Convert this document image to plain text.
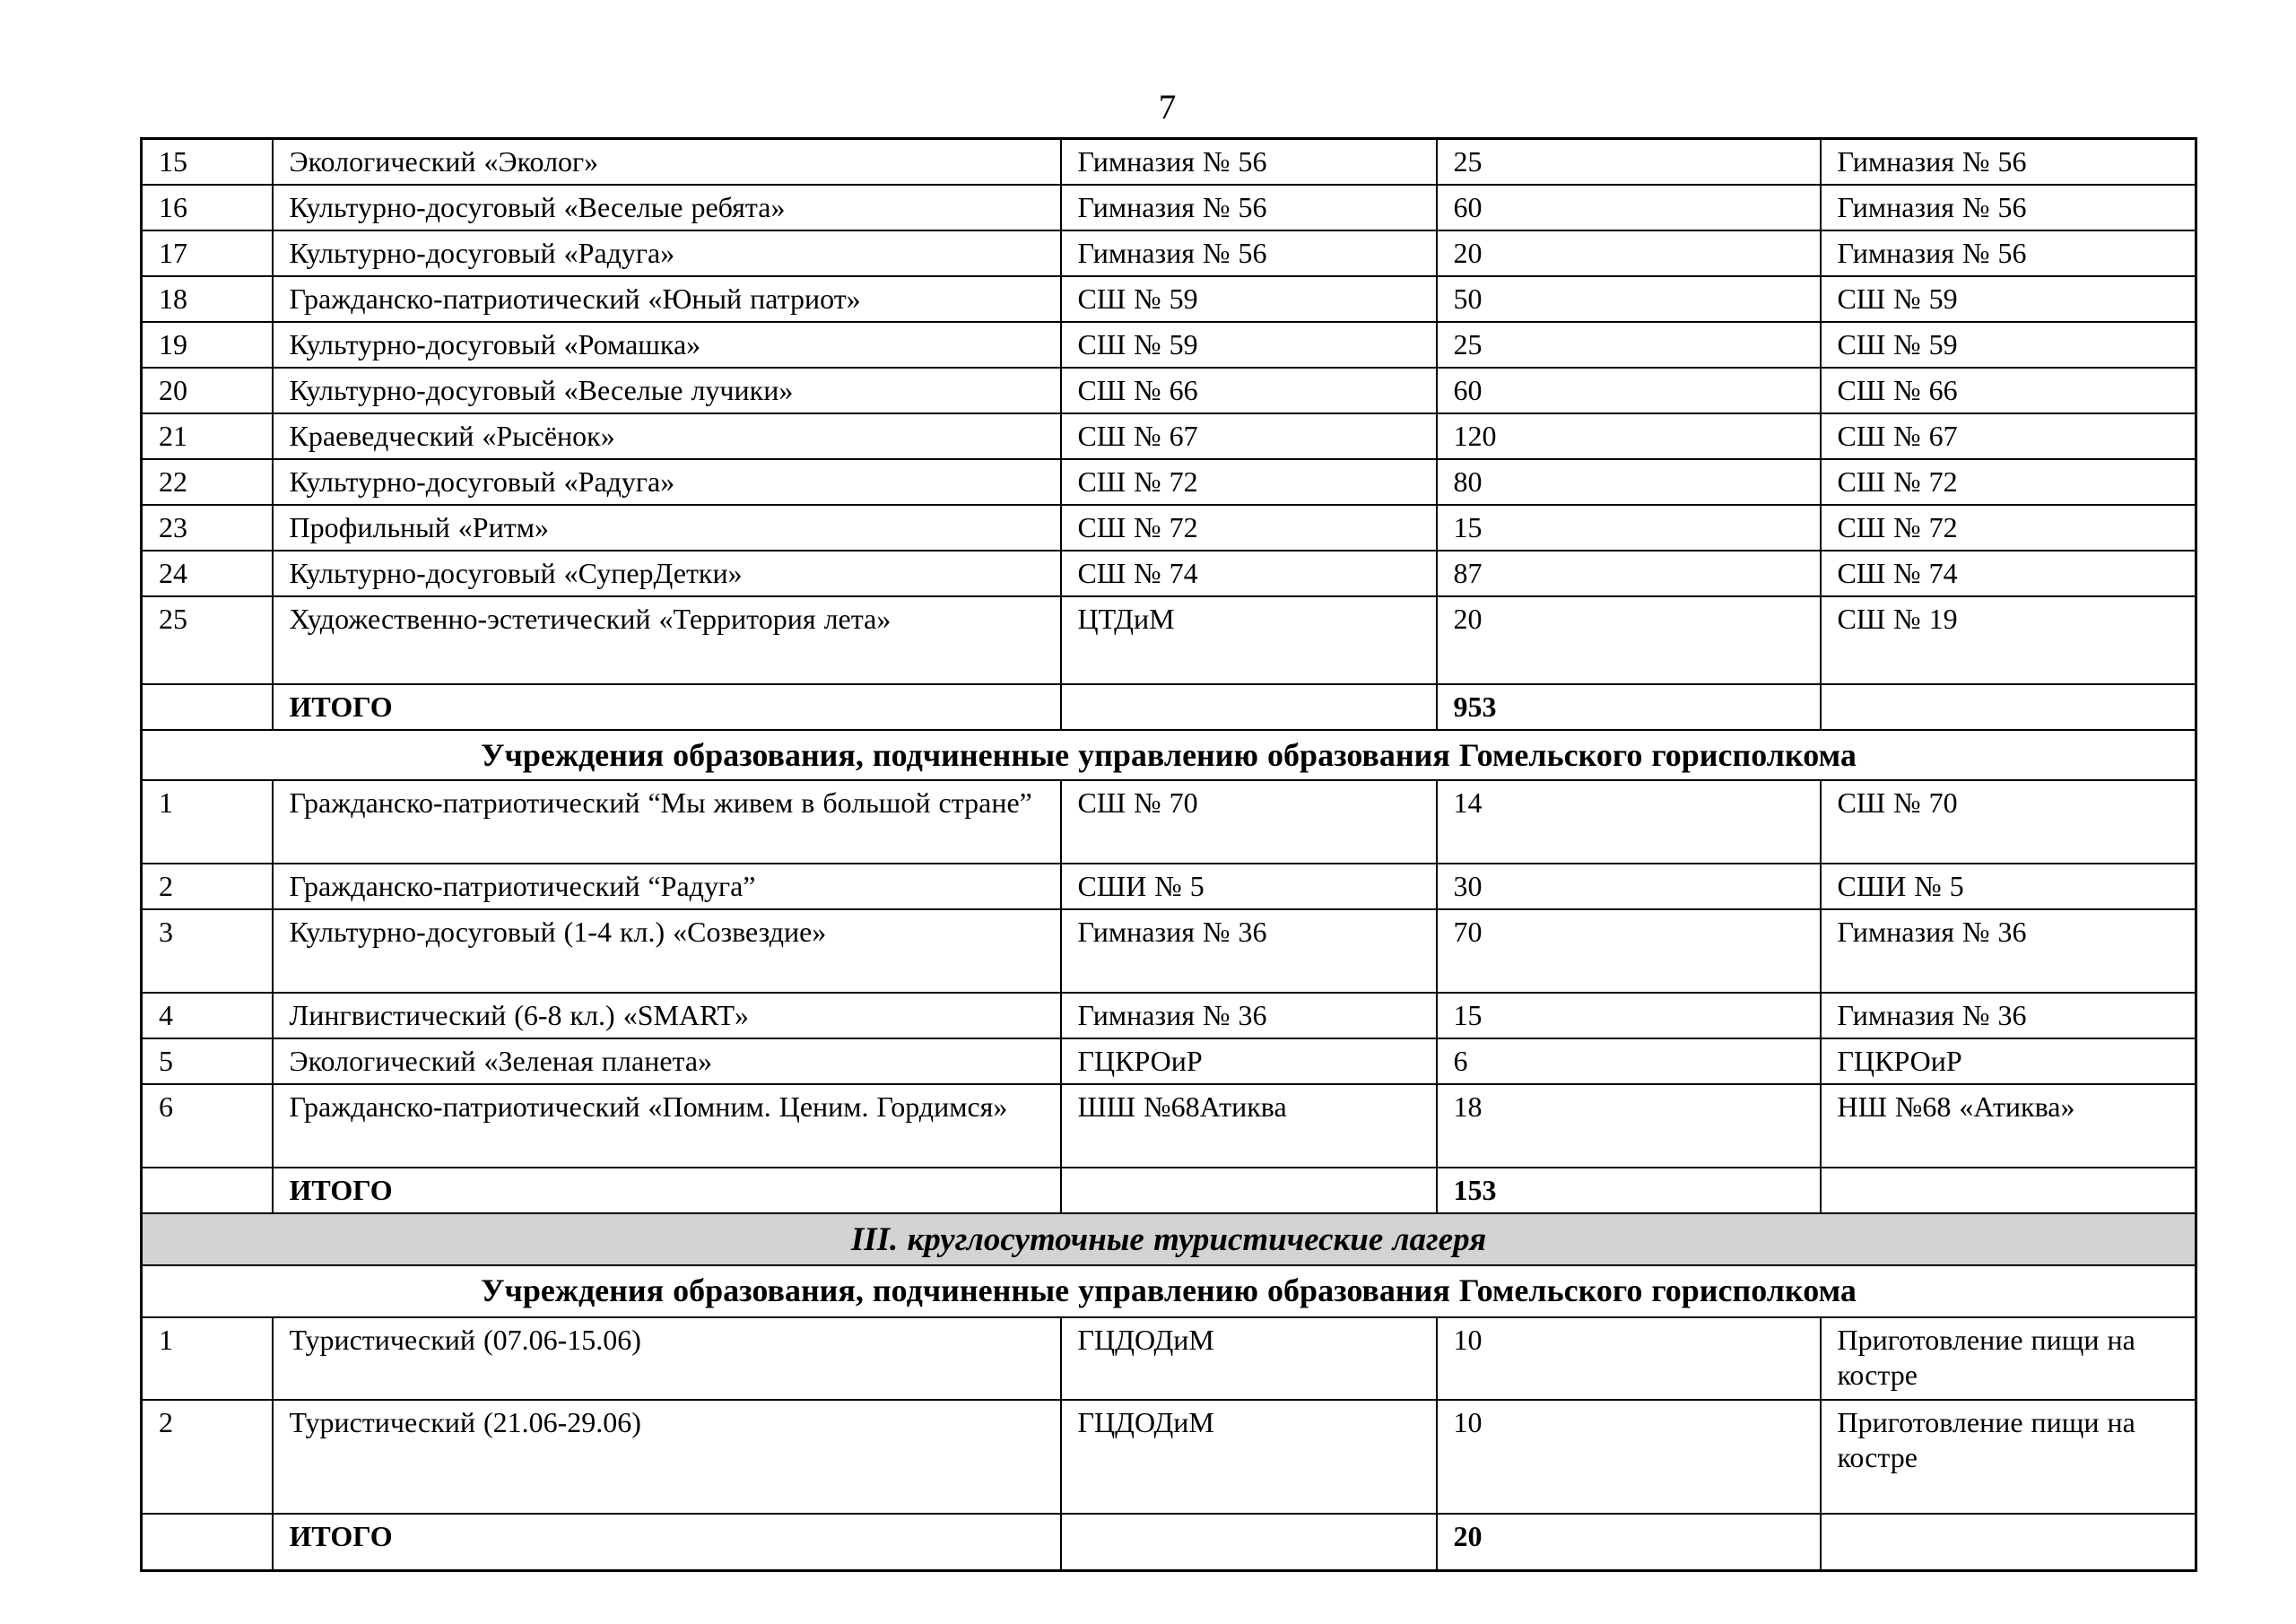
7
15	Экологический «Эколог»	Гимназия № 56	25	Гимназия № 56
16	Культурно-досуговый «Веселые ребята»	Гимназия № 56	60	Гимназия № 56
17	Культурно-досуговый «Радуга»	Гимназия № 56	20	Гимназия № 56
18	Гражданско-патриотический «Юный патриот»	СШ № 59	50	СШ № 59
19	Культурно-досуговый «Ромашка»	СШ № 59	25	СШ № 59
20	Культурно-досуговый «Веселые лучики»	СШ № 66	60	СШ № 66
21	Краеведческий «Рысёнок»	СШ № 67	120	СШ № 67
22	Культурно-досуговый «Радуга»	СШ № 72	80	СШ № 72
23	Профильный «Ритм»	СШ № 72	15	СШ № 72
24	Культурно-досуговый «СуперДетки»	СШ № 74	87	СШ № 74
25	Художественно-эстетический «Территория лета»	ЦТДиМ	20	СШ № 19
	ИТОГО		953	
Учреждения образования, подчиненные управлению образования Гомельского горисполкома				
1	Гражданско-патриотический “Мы живем в большой стране”	СШ № 70	14	СШ № 70
2	Гражданско-патриотический “Радуга”	СШИ № 5	30	СШИ № 5
3	Культурно-досуговый (1-4 кл.) «Созвездие»	Гимназия № 36	70	Гимназия № 36
4	Лингвистический (6-8 кл.) «SMART»	Гимназия № 36	15	Гимназия № 36
5	Экологический «Зеленая планета»	ГЦКРОиР	6	ГЦКРОиР
6	Гражданско-патриотический «Помним. Ценим. Гордимся»	ШШ №68Атиква	18	НШ №68 «Атиква»
	ИТОГО		153	
III. круглосуточные туристические лагеря				
Учреждения образования, подчиненные управлению образования Гомельского горисполкома				
1	Туристический (07.06-15.06)	ГЦДОДиМ	10	Приготовление пищи на костре
2	Туристический (21.06-29.06)	ГЦДОДиМ	10	Приготовление пищи на костре
	ИТОГО		20	
